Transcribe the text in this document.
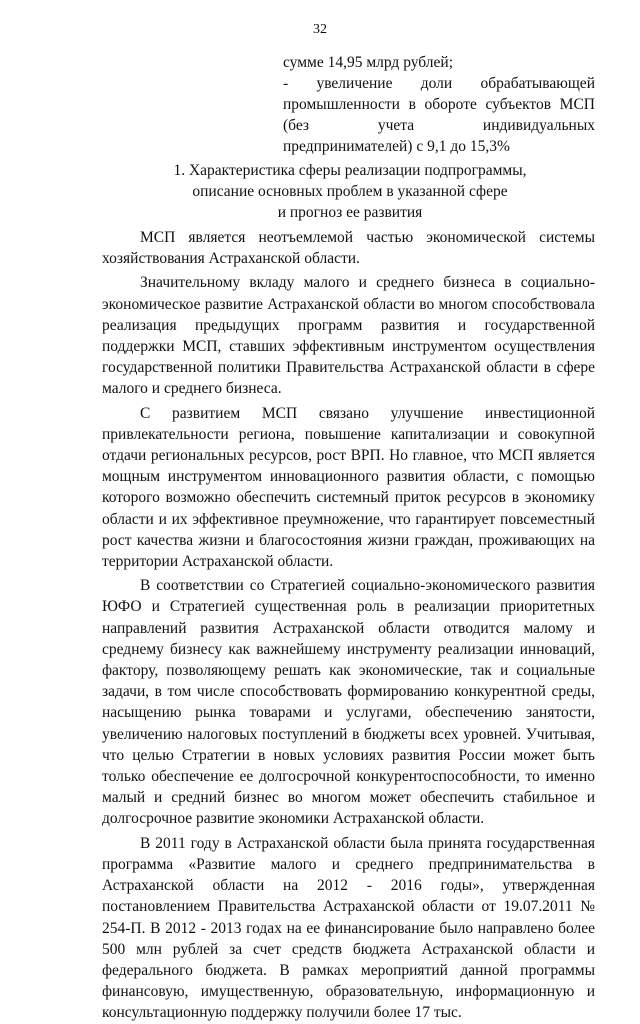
32

сумме 14,95 млрд рублей;

- увеличение доли обрабатывающей промышленности в обороте субъектов МСП (без учета индивидуальных предпринимателей) с 9,1 до 15,3%

1. Характеристика сферы реализации подпрограммы,

описание основных проблем в указанной сфере

и прогноз ее развития

МСП является неотъемлемой частью экономической системы хозяйствования Астраханской области.

Значительному вкладу малого и среднего бизнеса в социально-экономическое развитие Астраханской области во многом способствовала реализация предыдущих программ развития и государственной поддержки МСП, ставших эффективным инструментом осуществления государственной политики Правительства Астраханской области в сфере малого и среднего бизнеса.

С развитием МСП связано улучшение инвестиционной привлекательности региона, повышение капитализации и совокупной отдачи региональных ресурсов, рост ВРП. Но главное, что МСП является мощным инструментом инновационного развития области, с помощью которого возможно обеспечить системный приток ресурсов в экономику области и их эффективное преумножение, что гарантирует повсеместный рост качества жизни и благосостояния жизни граждан, проживающих на территории Астраханской области.

В соответствии со Стратегией социально-экономического развития ЮФО и Стратегией существенная роль в реализации приоритетных направлений развития Астраханской области отводится малому и среднему бизнесу как важнейшему инструменту реализации инноваций, фактору, позволяющему решать как экономические, так и социальные задачи, в том числе способствовать формированию конкурентной среды, насыщению рынка товарами и услугами, обеспечению занятости, увеличению налоговых поступлений в бюджеты всех уровней. Учитывая, что целью Стратегии в новых условиях развития России может быть только обеспечение ее долгосрочной конкурентоспособности, то именно малый и средний бизнес во многом может обеспечить стабильное и долгосрочное развитие экономики Астраханской области.

В 2011 году в Астраханской области была принята государственная программа «Развитие малого и среднего предпринимательства в Астраханской области на 2012 - 2016 годы», утвержденная постановлением Правительства Астраханской области от 19.07.2011 № 254-П. В 2012 - 2013 годах на ее финансирование было направлено более 500 млн рублей за счет средств бюджета Астраханской области и федерального бюджета. В рамках мероприятий данной программы финансовую, имущественную, образовательную, информационную и консультационную поддержку получили более 17 тыс.
